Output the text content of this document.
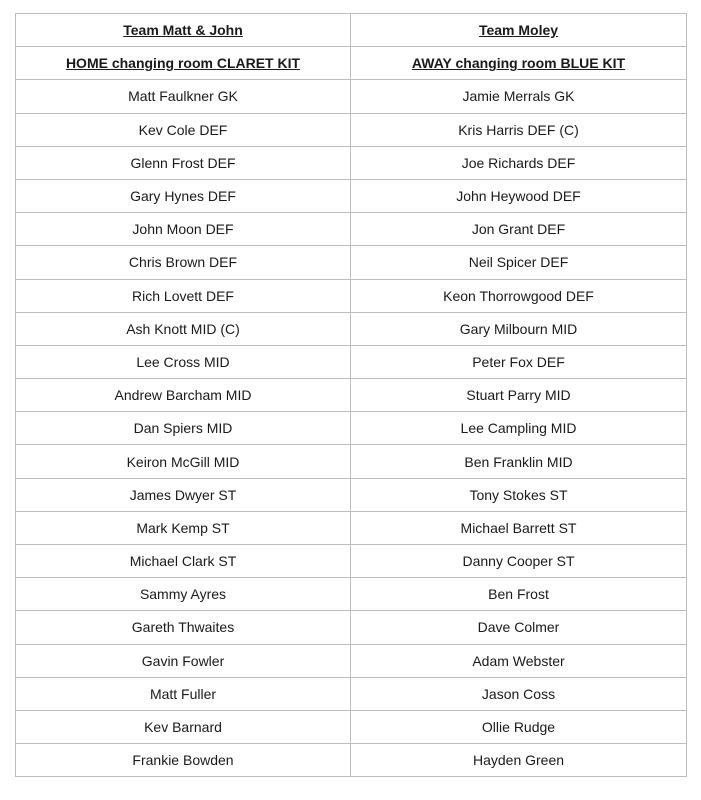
Team Matt & John	Team Moley
HOME changing room CLARET KIT	AWAY changing room BLUE KIT
Matt Faulkner GK	Jamie Merrals GK
Kev Cole DEF	Kris Harris DEF (C)
Glenn Frost DEF	Joe Richards DEF
Gary Hynes DEF	John Heywood DEF
John Moon DEF	Jon Grant DEF
Chris Brown DEF	Neil Spicer DEF
Rich Lovett DEF	Keon Thorrowgood DEF
Ash Knott MID (C)	Gary Milbourn MID
Lee Cross MID	Peter Fox DEF
Andrew Barcham MID	Stuart Parry MID
Dan Spiers MID	Lee Campling MID
Keiron McGill MID	Ben Franklin MID
James Dwyer ST	Tony Stokes ST
Mark Kemp ST	Michael Barrett ST
Michael Clark ST	Danny Cooper ST
Sammy Ayres	Ben Frost
Gareth Thwaites	Dave Colmer
Gavin Fowler	Adam Webster
Matt Fuller	Jason Coss
Kev Barnard	Ollie Rudge
Frankie Bowden	Hayden Green
